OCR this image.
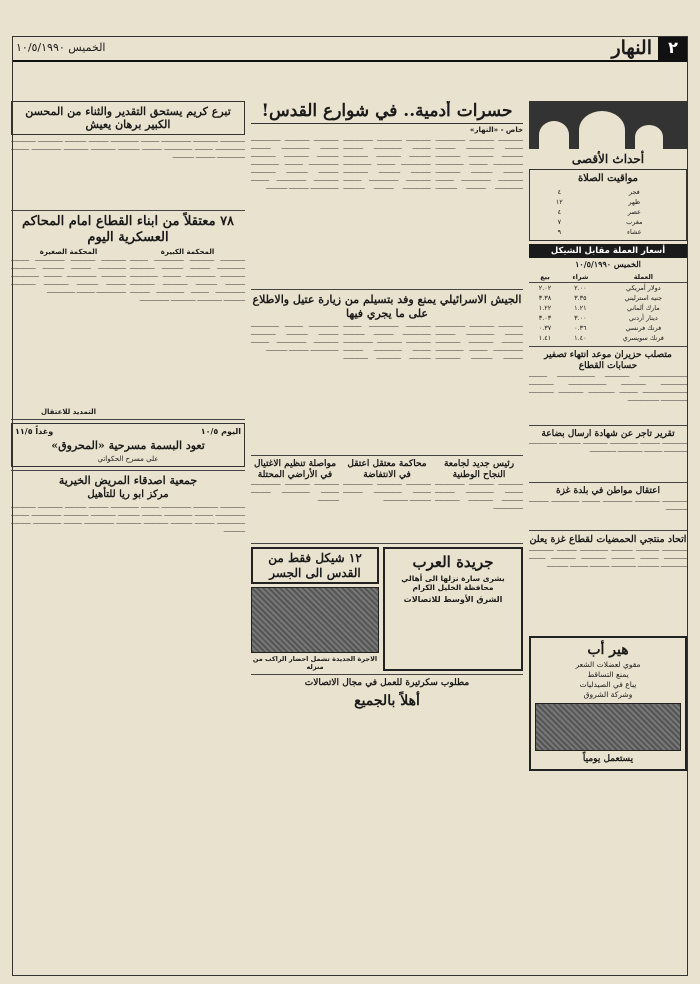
٢
النهار
الخميس ١٠/٥/١٩٩٠
أحداث الأقصى
مواقيت الصلاة
فجر	٤
ظهر	١٢
عصر	٤
مغرب	٧
عشاء	٩
أسعار العملة مقابل الشيكل
الخميس ١٠/٥/١٩٩٠
العملة	شراء	بيع
دولار أمريكي	٢.٠٠	٢.٠٢
جنيه استرليني	٣.٣٥	٣.٣٨
مارك ألماني	١.٢١	١.٢٢
دينار أردني	٣.٠٠	٣.٠٣
فرنك فرنسي	٠.٣٦	٠.٣٧
فرنك سويسري	١.٤٠	١.٤١
متصلب حزيران موعد انتهاء تصفير حسابات القطاع

ـــــــــــــــــــــــــــــ ـــــــــــــــ ـــــــــــــــــــــــ ـــــــــــ ــــــــــــــــ ـــــــــــــــ ـــــــــــــــــــــــ ـــــــــــــــ ـــــــــــــــــــــــــــ ـــــــــــ ــــــــــــــــ ـــــــــــــــ ـــــــــــــــ ــــــــــــــــ ـــــــــــــــــــ

تقرير تاجر عن شهادة ارسال بضاعة

ـــــــــــــــ ــــــــــــ ـــــــــــــــــ ـــــــــــــــ ـــــــــــــ ـــــــــــــــــ ــــــــــــــ ـــــــــــ ـــــــــــــــ ــــــــــــــــ

اعتقال مواطن في بلدة غزة

ـــــــــــــــ ـــــــــــــــ ــــــــــــــــــ ـــــــــــ ـــــــــــــــــ ــــــــــــ ـــــــــــــ

اتحاد منتجي الحمضيات لقطاع غزة يعلن

ـــــــــــــــ ــــــــــــــ ـــــــــــــ ـــــــــــــــــ ــــــــــــ ـــــــــــــــ ــــــــــــــ ـــــــــــ ــــــــــــــ ـــــــــــــــ ـــــــــــــــ ــــــــــ ــــــــــــــــ ـــــــــــــ ـــــــــــــــ ــــــــــــ ـــــــــــ ـــــــــــــ

هير أب
مقوي لعضلات الشعر
يمنع التساقط
يباع في الصيدليات
وشركة الشروق
يستعمل يومياً
حسرات أدمية.. في شوارع القدس!
خاص - «النهار»

ـــــــــــــــ ـــــــــــــــ ــــــــــــــــــ ـــــــــــ ـــــــــــــــــ ــــــــــــ ـــــــــــــ ـــــــــــــــ ـــــــــــــــ ــــــــــــــــــ ـــــــــــ ـــــــــــــــــ ــــــــــــ ـــــــــــــ ـــــــــــــــ ـــــــــــــــ ــــــــــــــــــ ـــــــــــ ـــــــــــــــــ ــــــــــــ ـــــــــــــ ـــــــــــــــ ـــــــــــــــ ــــــــــــــــــ ـــــــــــ ـــــــــــــــــ ــــــــــــ ـــــــــــــ ـــــــــــــــ ـــــــــــــــ ــــــــــــــــــ ـــــــــــ ـــــــــــــــــ ــــــــــــ ـــــــــــــ ـــــــــــــــ ـــــــــــــــ ــــــــــــــــــ ـــــــــــ ـــــــــــــــــ ــــــــــــ ـــــــــــــ ـــــــــــــــ ـــــــــــــــ ــــــــــــــــــ ـــــــــــ ـــــــــــــــــ ــــــــــــ ـــــــــــــ ـــــــــــــــ ـــــــــــــــ ــــــــــــــــــ ـــــــــــ ـــــــــــــــــ ــــــــــــ ـــــــــــــ ـــــــــــــــ ـــــــــــــــ ــــــــــــــــــ ـــــــــــ ـــــــــــــــــ ــــــــــــ ـــــــــــــ

الجيش الاسرائيلي يمنع وفد بتسيلم من زيارة عتيل والاطلاع على ما يجري فيها

ـــــــــــــــ ـــــــــــــــ ــــــــــــــــــ ـــــــــــ ـــــــــــــــــ ــــــــــــ ـــــــــــــ ـــــــــــــــ ـــــــــــــــ ــــــــــــــــــ ـــــــــــ ـــــــــــــــــ ــــــــــــ ـــــــــــــ ـــــــــــــــ ـــــــــــــــ ــــــــــــــــــ ـــــــــــ ـــــــــــــــــ ــــــــــــ ـــــــــــــ ـــــــــــــــ ـــــــــــــــ ــــــــــــــــــ ـــــــــــ ـــــــــــــــــ ــــــــــــ ـــــــــــــ ـــــــــــــــ ـــــــــــــــ ــــــــــــــــــ ـــــــــــ ـــــــــــــــــ ــــــــــــ ـــــــــــــ ـــــــــــــــ ـــــــــــــــ ــــــــــــــــــ ـــــــــــ ـــــــــــــــــ ــــــــــــ ـــــــــــــ

رئيس جديد لجامعة النجاح الوطنية

ـــــــــــــــ ـــــــــــــــ ــــــــــــــــــ ـــــــــــ ـــــــــــــــــ ــــــــــــ ـــــــــــــ ـــــــــــــــ ـــــــــــــــ ــــــــــــــــــ

محاكمة معتقل اعتقل في الانتفاضة

ـــــــــــــــ ـــــــــــــــ ــــــــــــــــــ ـــــــــــ ـــــــــــــــــ ــــــــــــ ـــــــــــــ ـــــــــــــــ

مواصلة تنظيم الاغتيال في الأراضي المحتلة

ـــــــــــــــ ـــــــــــــــ ــــــــــــــــــ ـــــــــــ ـــــــــــــــــ ــــــــــــ ـــــــــــــ

جريدة العرب
بشرى سارة نزلها الى أهالي محافظة الخليل الكرام
الشرق الأوسط للاتصالات
١٢ شيكل فقط من القدس الى الجسر
الاجرة الجديدة تشمل احضار الراكب من منزله
مطلوب سكرتيرة للعمل في مجال الاتصالات
أهلاً بالجميع
تبرع كريم يستحق التقدير والثناء من المحسن الكبير برهان يعيش

ـــــــــــــــ ـــــــــــــــ ــــــــــــــــــ ـــــــــــ ـــــــــــــــــ ــــــــــــ ـــــــــــــ ـــــــــــــــ ـــــــــــــــ ــــــــــــــــــ ـــــــــــ ـــــــــــــــــ ــــــــــــ ـــــــــــــ ـــــــــــــــ ـــــــــــــــ ــــــــــــــــــ ـــــــــــ ـــــــــــــــــ ــــــــــــ ـــــــــــــ

٧٨ معتقلاً من ابناء القطاع امام المحاكم العسكرية اليوم
المحكمة الكبيرة

ـــــــــــــــ ـــــــــــــــ ــــــــــــــــــ ـــــــــــ ـــــــــــــــــ ــــــــــــ ـــــــــــــ ـــــــــــــــ ـــــــــــــــ ــــــــــــــــــ ـــــــــــ ـــــــــــــــــ ــــــــــــ ـــــــــــــ ـــــــــــــــ ـــــــــــــــ ــــــــــــــــــ ـــــــــــ ـــــــــــــــــ ــــــــــــ ـــــــــــــ ـــــــــــــــ ـــــــــــــــ ــــــــــــــــــ

المحكمة الصغيرة

ـــــــــــــــ ـــــــــــــــ ــــــــــــــــــ ـــــــــــ ـــــــــــــــــ ــــــــــــ ـــــــــــــ ـــــــــــــــ ـــــــــــــــ ــــــــــــــــــ ـــــــــــ ـــــــــــــــــ ــــــــــــ ـــــــــــــ ـــــــــــــــ ـــــــــــــــ ــــــــــــــــــ ـــــــــــ ـــــــــــــــــ

التمديد للاعتقال
اليوم ١٠/٥
وغداً ١١/٥
تعود البسمة مسرحية «المحروق»
على مسرح الحكواتي
جمعية اصدقاء المريض الخيرية
مركز ابو ريا للتأهيل

ـــــــــــــــ ـــــــــــــــ ــــــــــــــــــ ـــــــــــ ـــــــــــــــــ ــــــــــــ ـــــــــــــ ـــــــــــــــ ـــــــــــــــ ــــــــــــــــــ ـــــــــــ ـــــــــــــــــ ــــــــــــ ـــــــــــــ ـــــــــــــــ ـــــــــــــــ ــــــــــــــــــ ـــــــــــ ـــــــــــــــــ ــــــــــــ ـــــــــــــ ـــــــــــــــ ـــــــــــــــ ــــــــــــــــــ ـــــــــــ ـــــــــــــــــ ــــــــــــ ـــــــــــــ
